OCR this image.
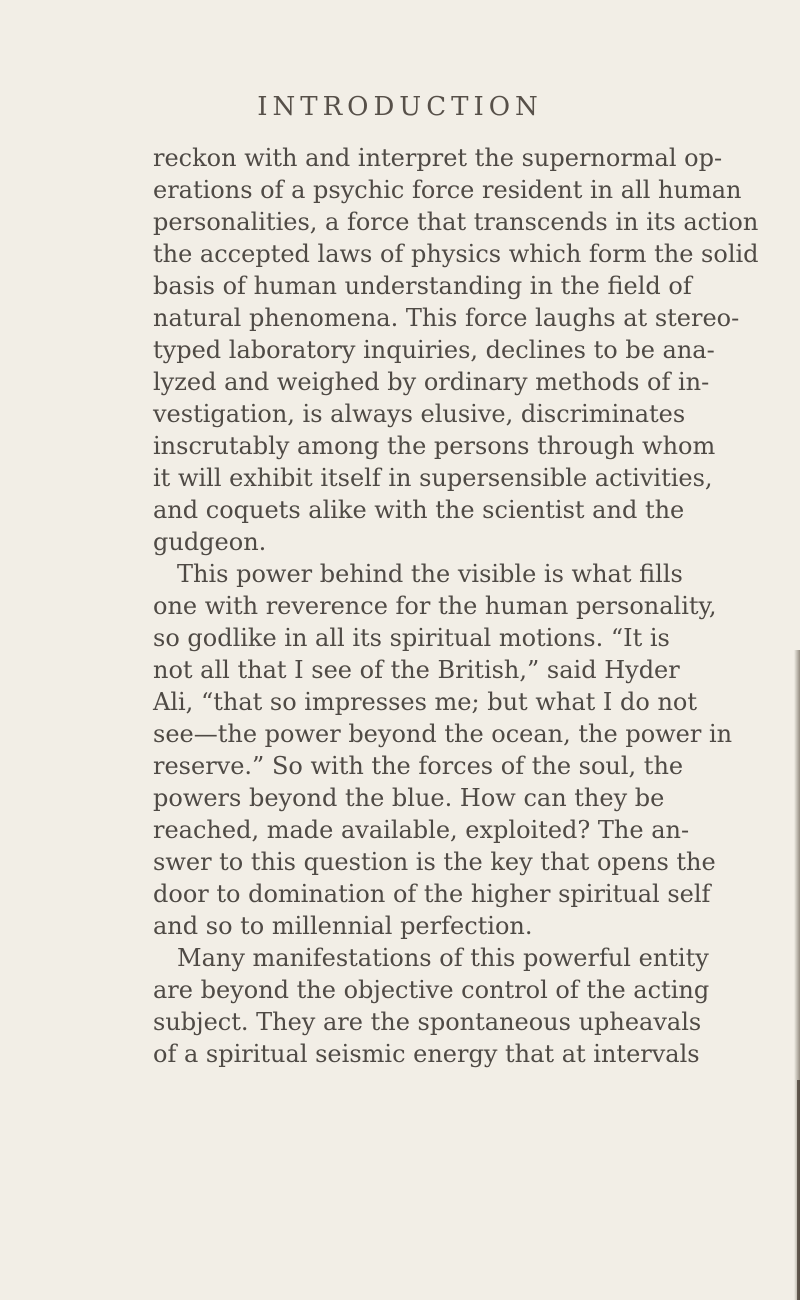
INTRODUCTION
reckon with and interpret the supernormal op-
erations of a psychic force resident in all human
personalities, a force that transcends in its action
the accepted laws of physics which form the solid
basis of human understanding in the field of
natural phenomena. This force laughs at stereo-
typed laboratory inquiries, declines to be ana-
lyzed and weighed by ordinary methods of in-
vestigation, is always elusive, discriminates
inscrutably among the persons through whom
it will exhibit itself in supersensible activities,
and coquets alike with the scientist and the
gudgeon.
This power behind the visible is what fills
one with reverence for the human personality,
so godlike in all its spiritual motions. “It is
not all that I see of the British,” said Hyder
Ali, “that so impresses me; but what I do not
see—the power beyond the ocean, the power in
reserve.” So with the forces of the soul, the
powers beyond the blue. How can they be
reached, made available, exploited? The an-
swer to this question is the key that opens the
door to domination of the higher spiritual self
and so to millennial perfection.
Many manifestations of this powerful entity
are beyond the objective control of the acting
subject. They are the spontaneous upheavals
of a spiritual seismic energy that at intervals
